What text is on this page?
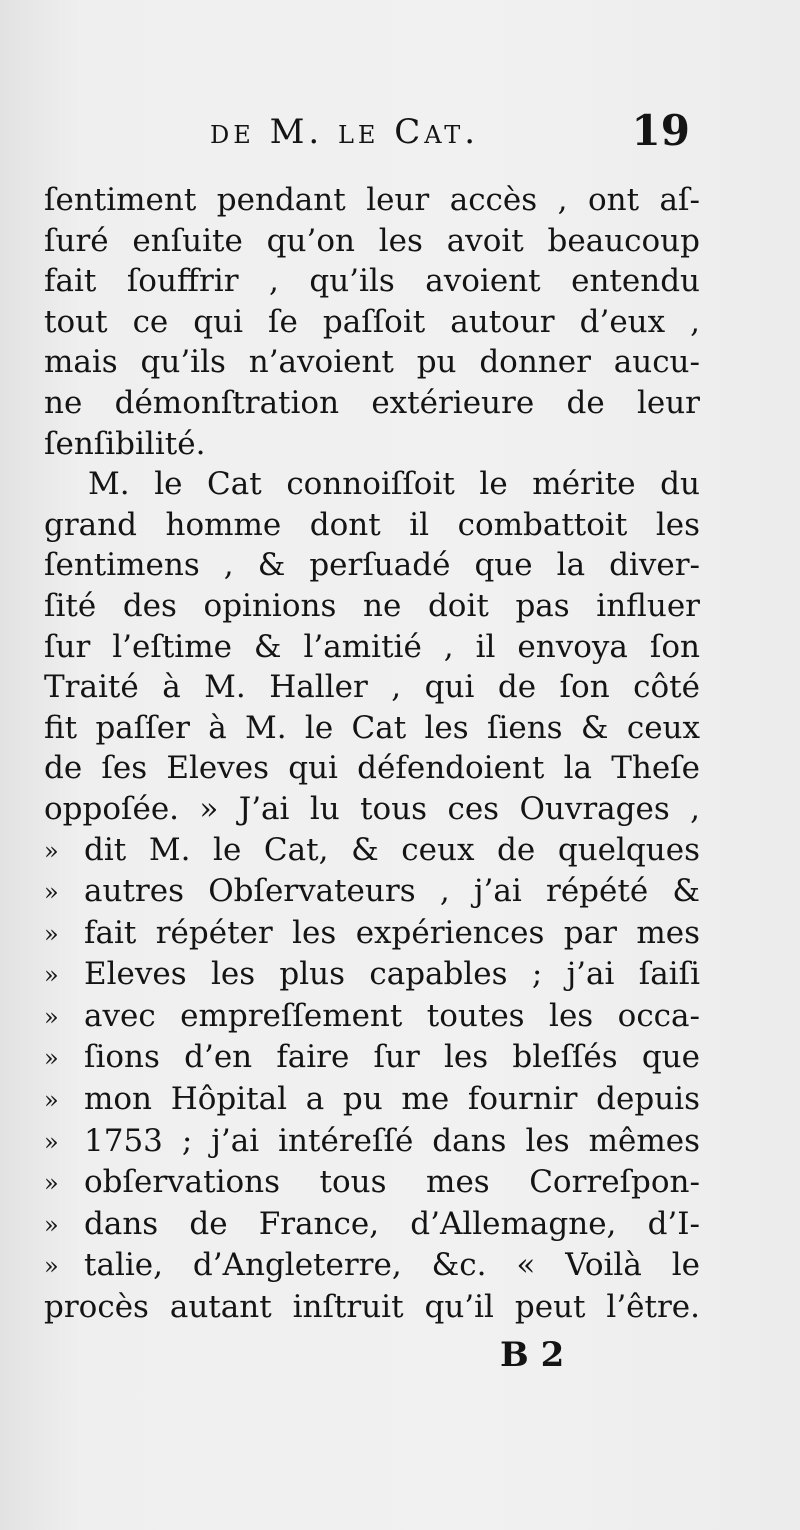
de M. le Cat.	19
ſentiment pendant leur accès , ont aſ-
ſuré enſuite qu’on les avoit beaucoup
fait ſouffrir , qu’ils avoient entendu
tout ce qui ſe paſſoit autour d’eux ,
mais qu’ils n’avoient pu donner aucu-
ne démonſtration extérieure de leur
ſenſibilité.
M. le Cat connoiſſoit le mérite du
grand homme dont il combattoit les
ſentimens , & perſuadé que la diver-
ſité des opinions ne doit pas influer
ſur l’eſtime & l’amitié , il envoya ſon
Traité à M. Haller , qui de ſon côté
fit paſſer à M. le Cat les ſiens & ceux
de ſes Eleves qui défendoient la Theſe
oppoſée. » J’ai lu tous ces Ouvrages ,
» dit M. le Cat, & ceux de quelques
» autres Obſervateurs , j’ai répété &
» fait répéter les expériences par mes
» Eleves les plus capables ; j’ai ſaiſi
» avec empreſſement toutes les occa-
» ſions d’en faire ſur les bleſſés que
» mon Hôpital a pu me fournir depuis
» 1753 ; j’ai intéreſſé dans les mêmes
» obſervations tous mes Correſpon-
» dans de France, d’Allemagne, d’I-
» talie, d’Angleterre, &c. « Voilà le
procès autant inſtruit qu’il peut l’être.
B 2
